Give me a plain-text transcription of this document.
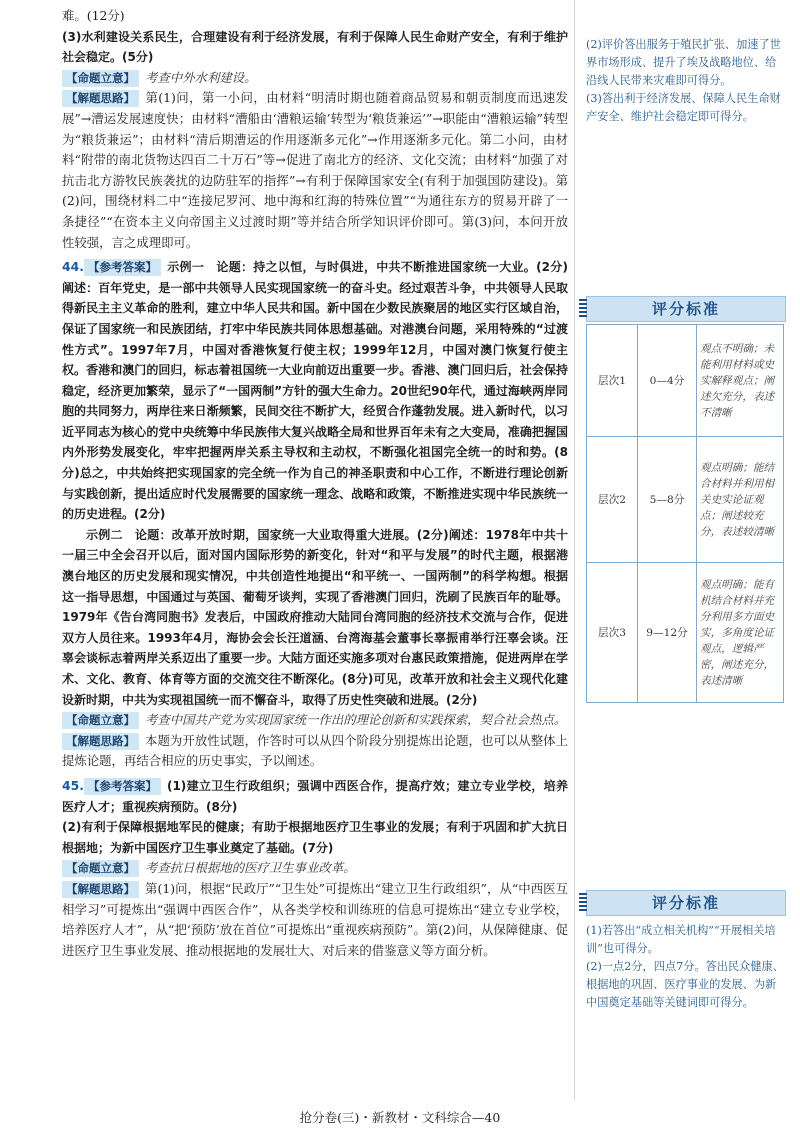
难。(12分)

(3)水利建设关系民生，合理建设有利于经济发展，有利于保障人民生命财产安全，有利于维护社会稳定。(5分)

【命题立意】 考查中外水利建设。

【解题思路】 第(1)问，第一小问，由材料“明清时期也随着商品贸易和朝贡制度而迅速发展”→漕运发展速度快；由材料“漕船由‘漕粮运输’转型为‘粮货兼运’”→职能由“漕粮运输”转型为“粮货兼运”；由材料“清后期漕运的作用逐渐多元化”→作用逐渐多元化。第二小问，由材料“附带的南北货物达四百二十万石”等→促进了南北方的经济、文化交流；由材料“加强了对抗击北方游牧民族袭扰的边防驻军的指挥”→有利于保障国家安全(有利于加强国防建设)。第(2)问，围绕材料二中“连接尼罗河、地中海和红海的特殊位置”“为通往东方的贸易开辟了一条捷径”“在资本主义向帝国主义过渡时期”等并结合所学知识评价即可。第(3)问，本问开放性较强，言之成理即可。

44. 【参考答案】 示例一　论题：持之以恒，与时俱进，中共不断推进国家统一大业。(2分)阐述：百年党史，是一部中共领导人民实现国家统一的奋斗史。经过艰苦斗争，中共领导人民取得新民主主义革命的胜利，建立中华人民共和国。新中国在少数民族聚居的地区实行区域自治，保证了国家统一和民族团结，打牢中华民族共同体思想基础。对港澳台问题，采用特殊的“过渡性方式”。1997年7月，中国对香港恢复行使主权；1999年12月，中国对澳门恢复行使主权。香港和澳门的回归，标志着祖国统一大业向前迈出重要一步。香港、澳门回归后，社会保持稳定，经济更加繁荣，显示了“一国两制”方针的强大生命力。20世纪90年代，通过海峡两岸同胞的共同努力，两岸往来日渐频繁，民间交往不断扩大，经贸合作蓬勃发展。进入新时代，以习近平同志为核心的党中央统筹中华民族伟大复兴战略全局和世界百年未有之大变局，准确把握国内外形势发展变化，牢牢把握两岸关系主导权和主动权，不断强化祖国完全统一的时和势。(8分)总之，中共始终把实现国家的完全统一作为自己的神圣职责和中心工作，不断进行理论创新与实践创新，提出适应时代发展需要的国家统一理念、战略和政策，不断推进实现中华民族统一的历史进程。(2分)

示例二　论题：改革开放时期，国家统一大业取得重大进展。(2分)阐述：1978年中共十一届三中全会召开以后，面对国内国际形势的新变化，针对“和平与发展”的时代主题，根据港澳台地区的历史发展和现实情况，中共创造性地提出“和平统一、一国两制”的科学构想。根据这一指导思想，中国通过与英国、葡萄牙谈判，实现了香港澳门回归，洗刷了民族百年的耻辱。1979年《告台湾同胞书》发表后，中国政府推动大陆同台湾同胞的经济技术交流与合作，促进双方人员往来。1993年4月，海协会会长汪道涵、台湾海基会董事长辜振甫举行汪辜会谈。汪辜会谈标志着两岸关系迈出了重要一步。大陆方面还实施多项对台惠民政策措施，促进两岸在学术、文化、教育、体育等方面的交流交往不断深化。(8分)可见，改革开放和社会主义现代化建设新时期，中共为实现祖国统一而不懈奋斗，取得了历史性突破和进展。(2分)

【命题立意】 考查中国共产党为实现国家统一作出的理论创新和实践探索，契合社会热点。

【解题思路】 本题为开放性试题，作答时可以从四个阶段分别提炼出论题，也可以从整体上提炼论题，再结合相应的历史事实，予以阐述。

45. 【参考答案】 (1)建立卫生行政组织；强调中西医合作，提高疗效；建立专业学校，培养医疗人才；重视疾病预防。(8分)

(2)有利于保障根据地军民的健康；有助于根据地医疗卫生事业的发展；有利于巩固和扩大抗日根据地；为新中国医疗卫生事业奠定了基础。(7分)

【命题立意】 考查抗日根据地的医疗卫生事业改革。

【解题思路】 第(1)问，根据“民政厅”“卫生处”可提炼出“建立卫生行政组织”，从“中西医互相学习”可提炼出“强调中西医合作”，从各类学校和训练班的信息可提炼出“建立专业学校，培养医疗人才”，从“把‘预防’放在首位”可提炼出“重视疾病预防”。第(2)问，从保障健康、促进医疗卫生事业发展、推动根据地的发展壮大、对后来的借鉴意义等方面分析。

(2)评价答出服务于殖民扩张、加速了世界市场形成、提升了埃及战略地位、给沿线人民带来灾难即可得分。

(3)答出利于经济发展、保障人民生命财产安全、维护社会稳定即可得分。

评分标准
层次1	0—4分	观点不明确；未能利用材料或史实解释观点；阐述欠充分，表述不清晰
层次2	5—8分	观点明确；能结合材料并利用相关史实论证观点；阐述较充分，表述较清晰
层次3	9—12分	观点明确；能有机结合材料并充分利用多方面史实，多角度论证观点，逻辑严密，阐述充分，表述清晰
评分标准

(1)若答出“成立相关机构”“开展相关培训”也可得分。

(2)一点2分，四点7分。答出民众健康、根据地的巩固、医疗事业的发展、为新中国奠定基础等关键词即可得分。

抢分卷(三)・新教材・文科综合—40
